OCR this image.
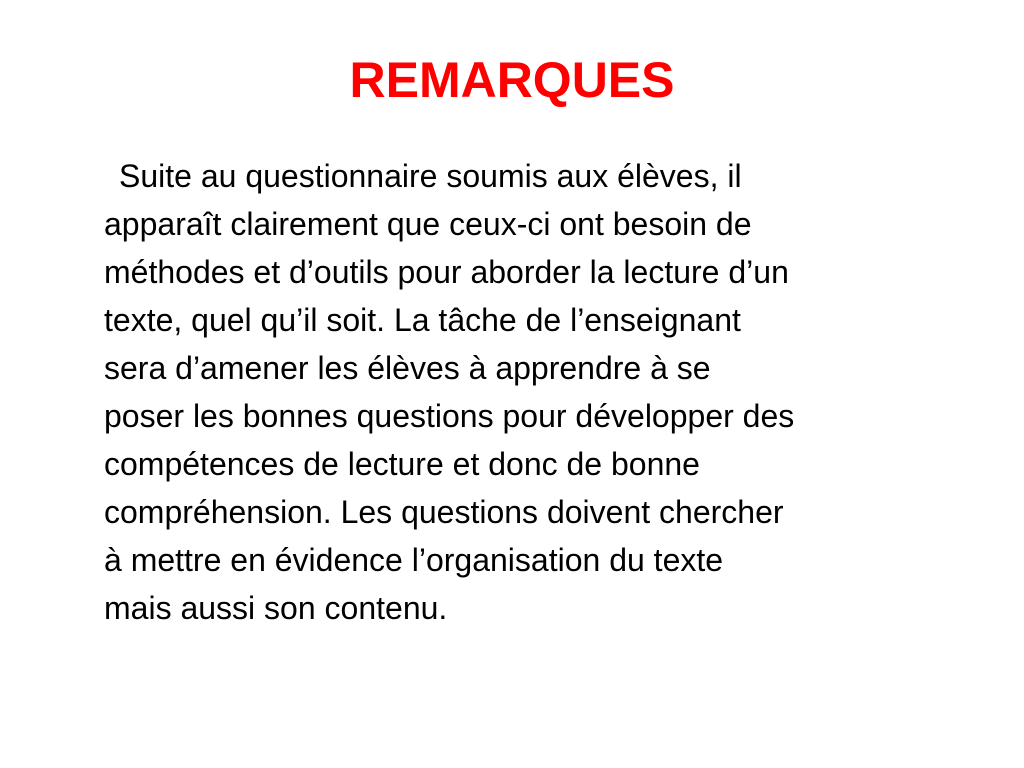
REMARQUES
Suite au questionnaire soumis aux élèves, il
apparaît clairement que ceux-ci ont besoin de
méthodes et d’outils pour aborder la lecture d’un
texte, quel qu’il soit. La tâche de l’enseignant
sera d’amener les élèves à apprendre à se
poser les bonnes questions pour développer des
compétences de lecture et donc de bonne
compréhension. Les questions doivent chercher
à mettre en évidence l’organisation du texte
mais aussi son contenu.
